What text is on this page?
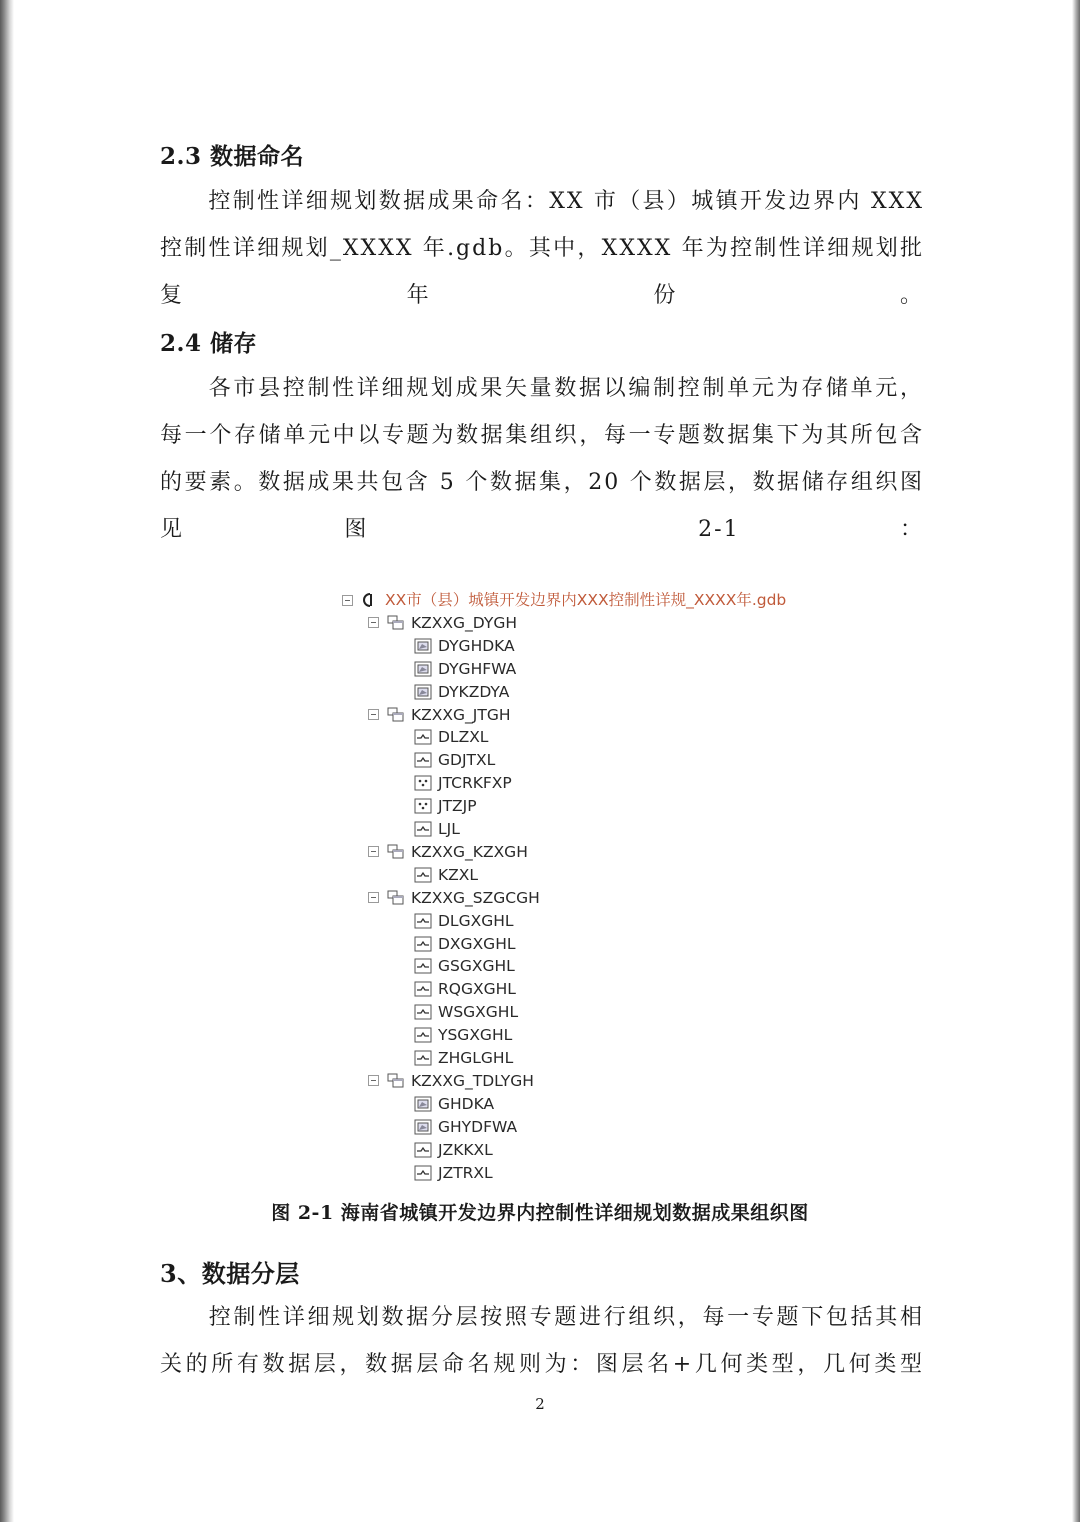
2.3 数据命名
控制性详细规划数据成果命名：XX 市（县）城镇开发边界内 XXX 控制性详细规划_XXXX 年.gdb。其中，XXXX 年为控制性详细规划批复年份。
2.4 储存
各市县控制性详细规划成果矢量数据以编制控制单元为存储单元，每一个存储单元中以专题为数据集组织，每一专题数据集下为其所包含的要素。数据成果共包含 5 个数据集，20 个数据层，数据储存组织图见图 2-1：
XX市（县）城镇开发边界内XXX控制性详规_XXXX年.gdb
KZXXG_DYGH
DYGHDKA
DYGHFWA
DYKZDYA
KZXXG_JTGH
DLZXL
GDJTXL
JTCRKFXP
JTZJP
LJL
KZXXG_KZXGH
KZXL
KZXXG_SZGCGH
DLGXGHL
DXGXGHL
GSGXGHL
RQGXGHL
WSGXGHL
YSGXGHL
ZHGLGHL
KZXXG_TDLYGH
GHDKA
GHYDFWA
JZKKXL
JZTRXL
图 2-1 海南省城镇开发边界内控制性详细规划数据成果组织图
3、数据分层
控制性详细规划数据分层按照专题进行组织，每一专题下包括其相关的所有数据层，数据层命名规则为：图层名+几何类型，几何类型
2
